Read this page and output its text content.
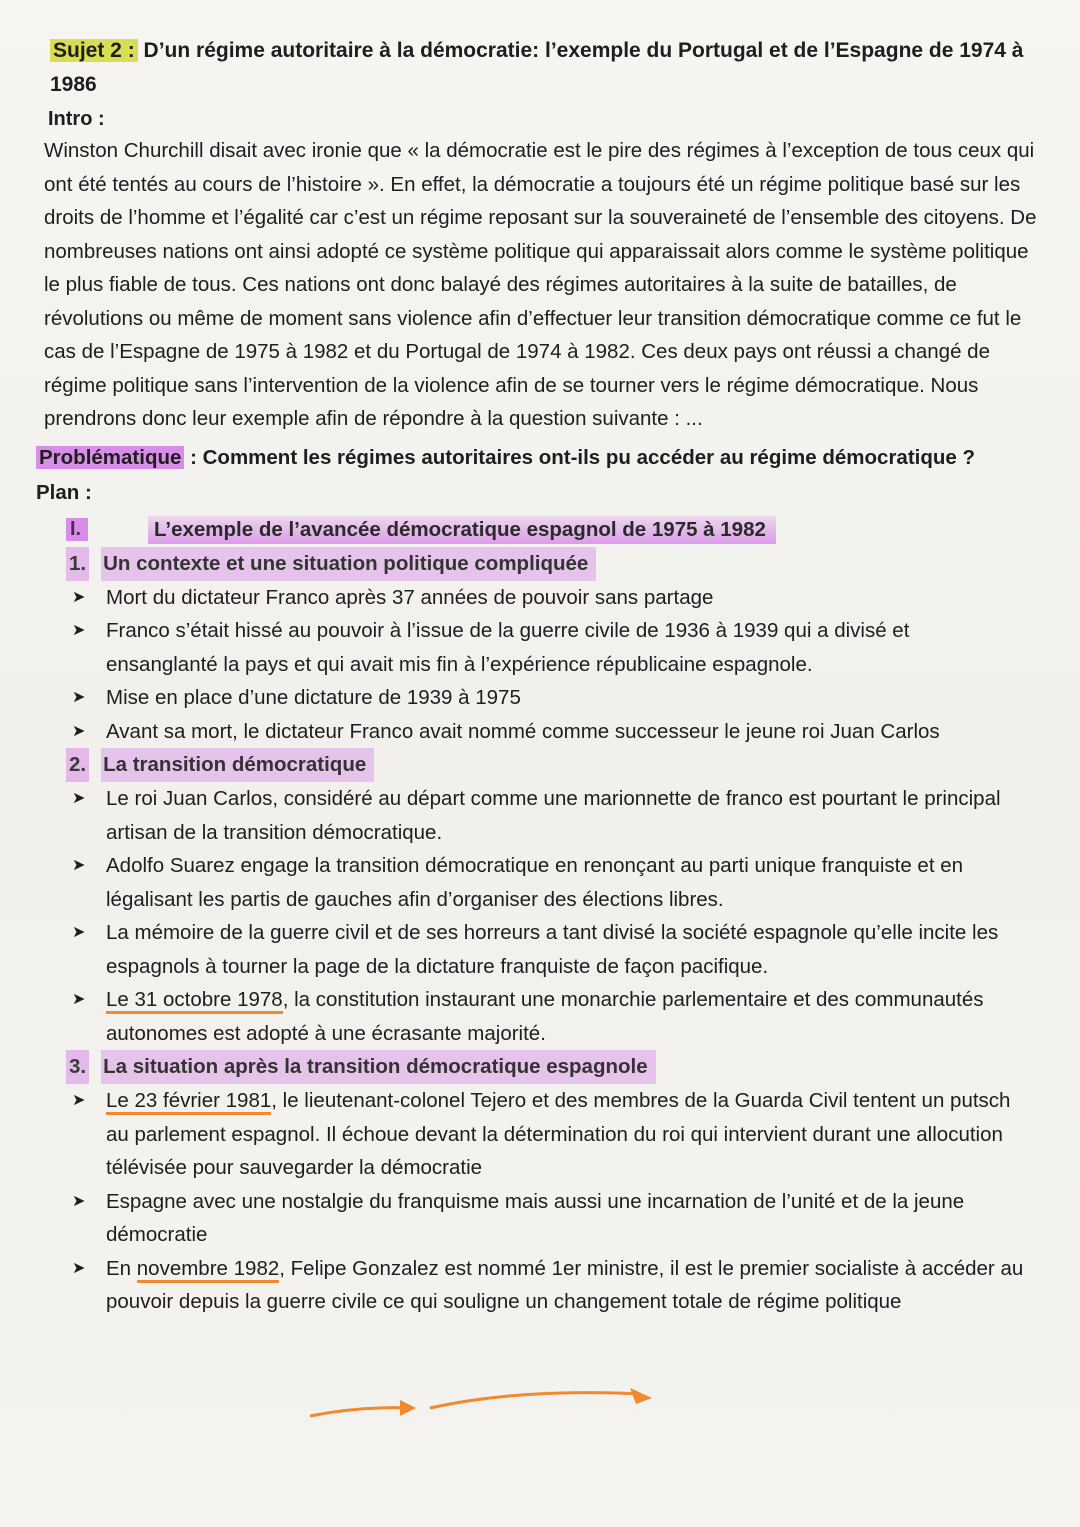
Sujet 2 : D’un régime autoritaire à la démocratie: l’exemple du Portugal et de l’Espagne de 1974 à 1986
Intro :

Winston Churchill disait avec ironie que « la démocratie est le pire des régimes à l’exception de tous ceux qui ont été tentés au cours de l’histoire ». En effet, la démocratie a toujours été un régime politique basé sur les droits de l’homme et l’égalité car c’est un régime reposant sur la souveraineté de l’ensemble des citoyens. De nombreuses nations ont ainsi adopté ce système politique qui apparaissait alors comme le système politique le plus fiable de tous. Ces nations ont donc balayé des régimes autoritaires à la suite de batailles, de révolutions ou même de moment sans violence afin d’effectuer leur transition démocratique comme ce fut le cas de l’Espagne de 1975 à 1982 et du Portugal de 1974 à 1982. Ces deux pays ont réussi a changé de régime politique sans l’intervention de la violence afin de se tourner vers le régime démocratique. Nous prendrons donc leur exemple afin de répondre à la question suivante : ...

Problématique : Comment les régimes autoritaires ont-ils pu accéder au régime démocratique ?
Plan :
I.	L’exemple de l’avancée démocratique espagnol de 1975 à 1982
1. Un contexte et une situation politique compliquée
➤	Mort du dictateur Franco après 37 années de pouvoir sans partage
➤	Franco s’était hissé au pouvoir à l’issue de la guerre civile de 1936 à 1939 qui a divisé et ensanglanté la pays et qui avait mis fin à l’expérience républicaine espagnole.
➤	Mise en place d’une dictature de 1939 à 1975
➤	Avant sa mort, le dictateur Franco avait nommé comme successeur le jeune roi Juan Carlos
2. La transition démocratique
➤	Le roi Juan Carlos, considéré au départ comme une marionnette de franco est pourtant le principal artisan de la transition démocratique.
➤	Adolfo Suarez engage la transition démocratique en renonçant au parti unique franquiste et en légalisant les partis de gauches afin d’organiser des élections libres.
➤	La mémoire de la guerre civil et de ses horreurs a tant divisé la société espagnole qu’elle incite les espagnols à tourner la page de la dictature franquiste de façon pacifique.
➤	Le 31 octobre 1978, la constitution instaurant une monarchie parlementaire et des communautés autonomes est adopté à une écrasante majorité.
3. La situation après la transition démocratique espagnole
➤	Le 23 février 1981, le lieutenant-colonel Tejero et des membres de la Guarda Civil tentent un putsch au parlement espagnol. Il échoue devant la détermination du roi qui intervient durant une allocution télévisée pour sauvegarder la démocratie
➤	Espagne avec une nostalgie du franquisme mais aussi une incarnation de l’unité et de la jeune démocratie
➤	En novembre 1982, Felipe Gonzalez est nommé 1er ministre, il est le premier socialiste à accéder au pouvoir depuis la guerre civile ce qui souligne un changement totale de régime politique
